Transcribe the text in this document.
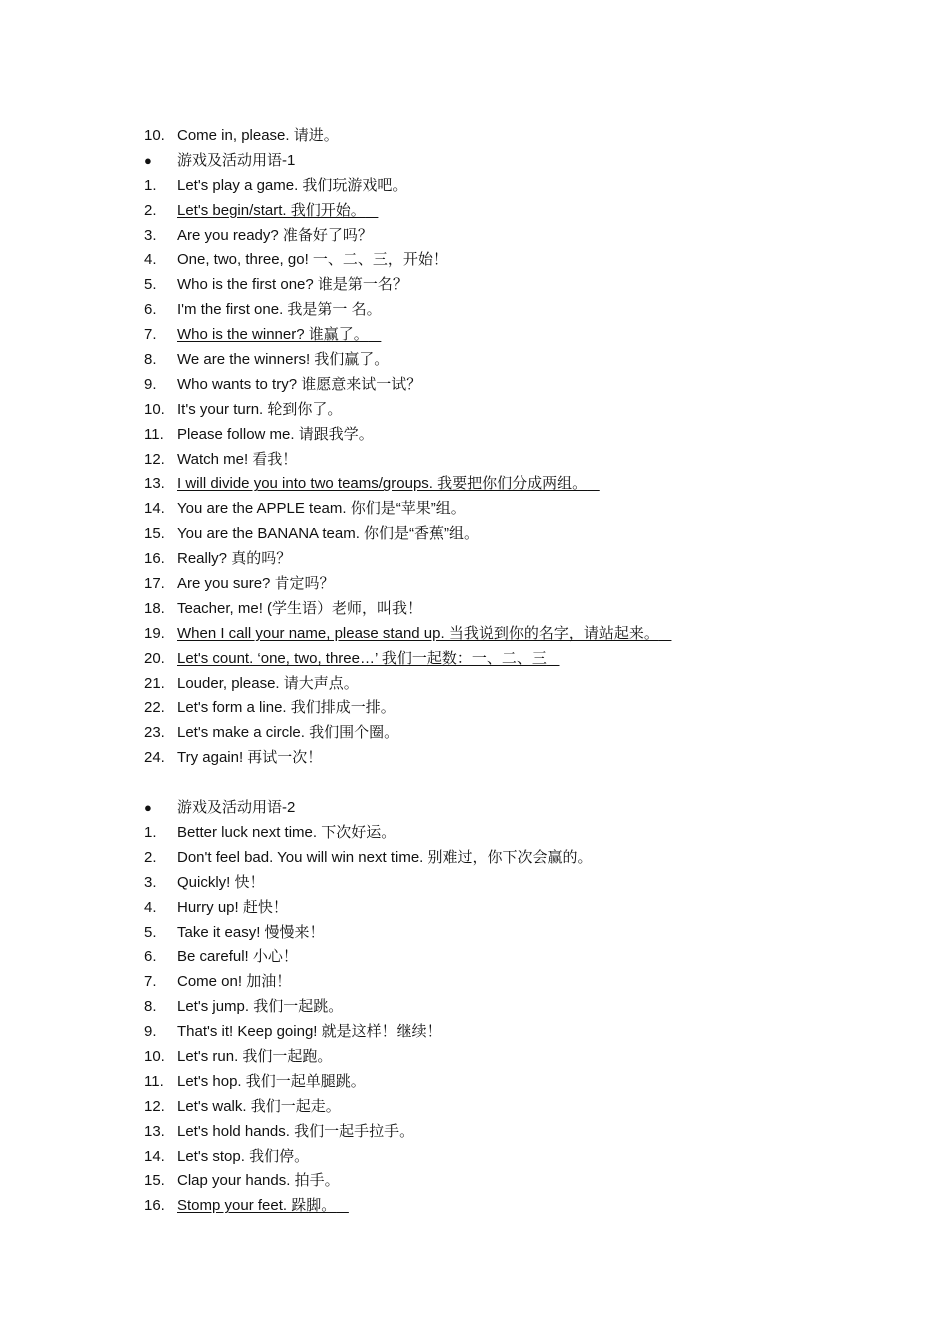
10. Come in, please. 请进。
●	游戏及活动用语-1
1.	Let's play a game. 我们玩游戏吧。
2.	Let's begin/start. 我们开始。
3.	Are you ready? 准备好了吗？
4.	One, two, three, go! 一、二、三，开始！
5.	Who is the first one? 谁是第一名？
6.	I'm the first one. 我是第一 名。
7.	Who is the winner? 谁赢了。
8.	We are the winners! 我们赢了。
9.	Who wants to try? 谁愿意来试一试？
10. It's your turn. 轮到你了。
11. Please follow me. 请跟我学。
12. Watch me! 看我！
13. I will divide you into two teams/groups. 我要把你们分成两组。
14. You are the APPLE team. 你们是“苹果”组。
15. You are the BANANA team. 你们是“香蕉”组。
16. Really? 真的吗？
17. Are you sure? 肯定吗？
18. Teacher, me! (学生语）老师，叫我！
19. When I call your name, please stand up. 当我说到你的名字，请站起来。
20. Let's count. ‘one, two, three…’ 我们一起数：一、二、三
21. Louder, please. 请大声点。
22. Let's form a line. 我们排成一排。
23. Let's make a circle. 我们围个圈。
24. Try again! 再试一次！
●	游戏及活动用语-2
1.	Better luck next time. 下次好运。
2.	Don't feel bad. You will win next time. 别难过，你下次会赢的。
3.	Quickly! 快！
4.	Hurry up! 赶快！
5.	Take it easy! 慢慢来！
6.	Be careful! 小心！
7.	Come on! 加油！
8.	Let's jump. 我们一起跳。
9.	That's it! Keep going! 就是这样！继续！
10. Let's run. 我们一起跑。
11. Let's hop. 我们一起单腿跳。
12. Let's walk. 我们一起走。
13. Let's hold hands. 我们一起手拉手。
14. Let's stop. 我们停。
15. Clap your hands. 拍手。
16. Stomp your feet. 跺脚。
